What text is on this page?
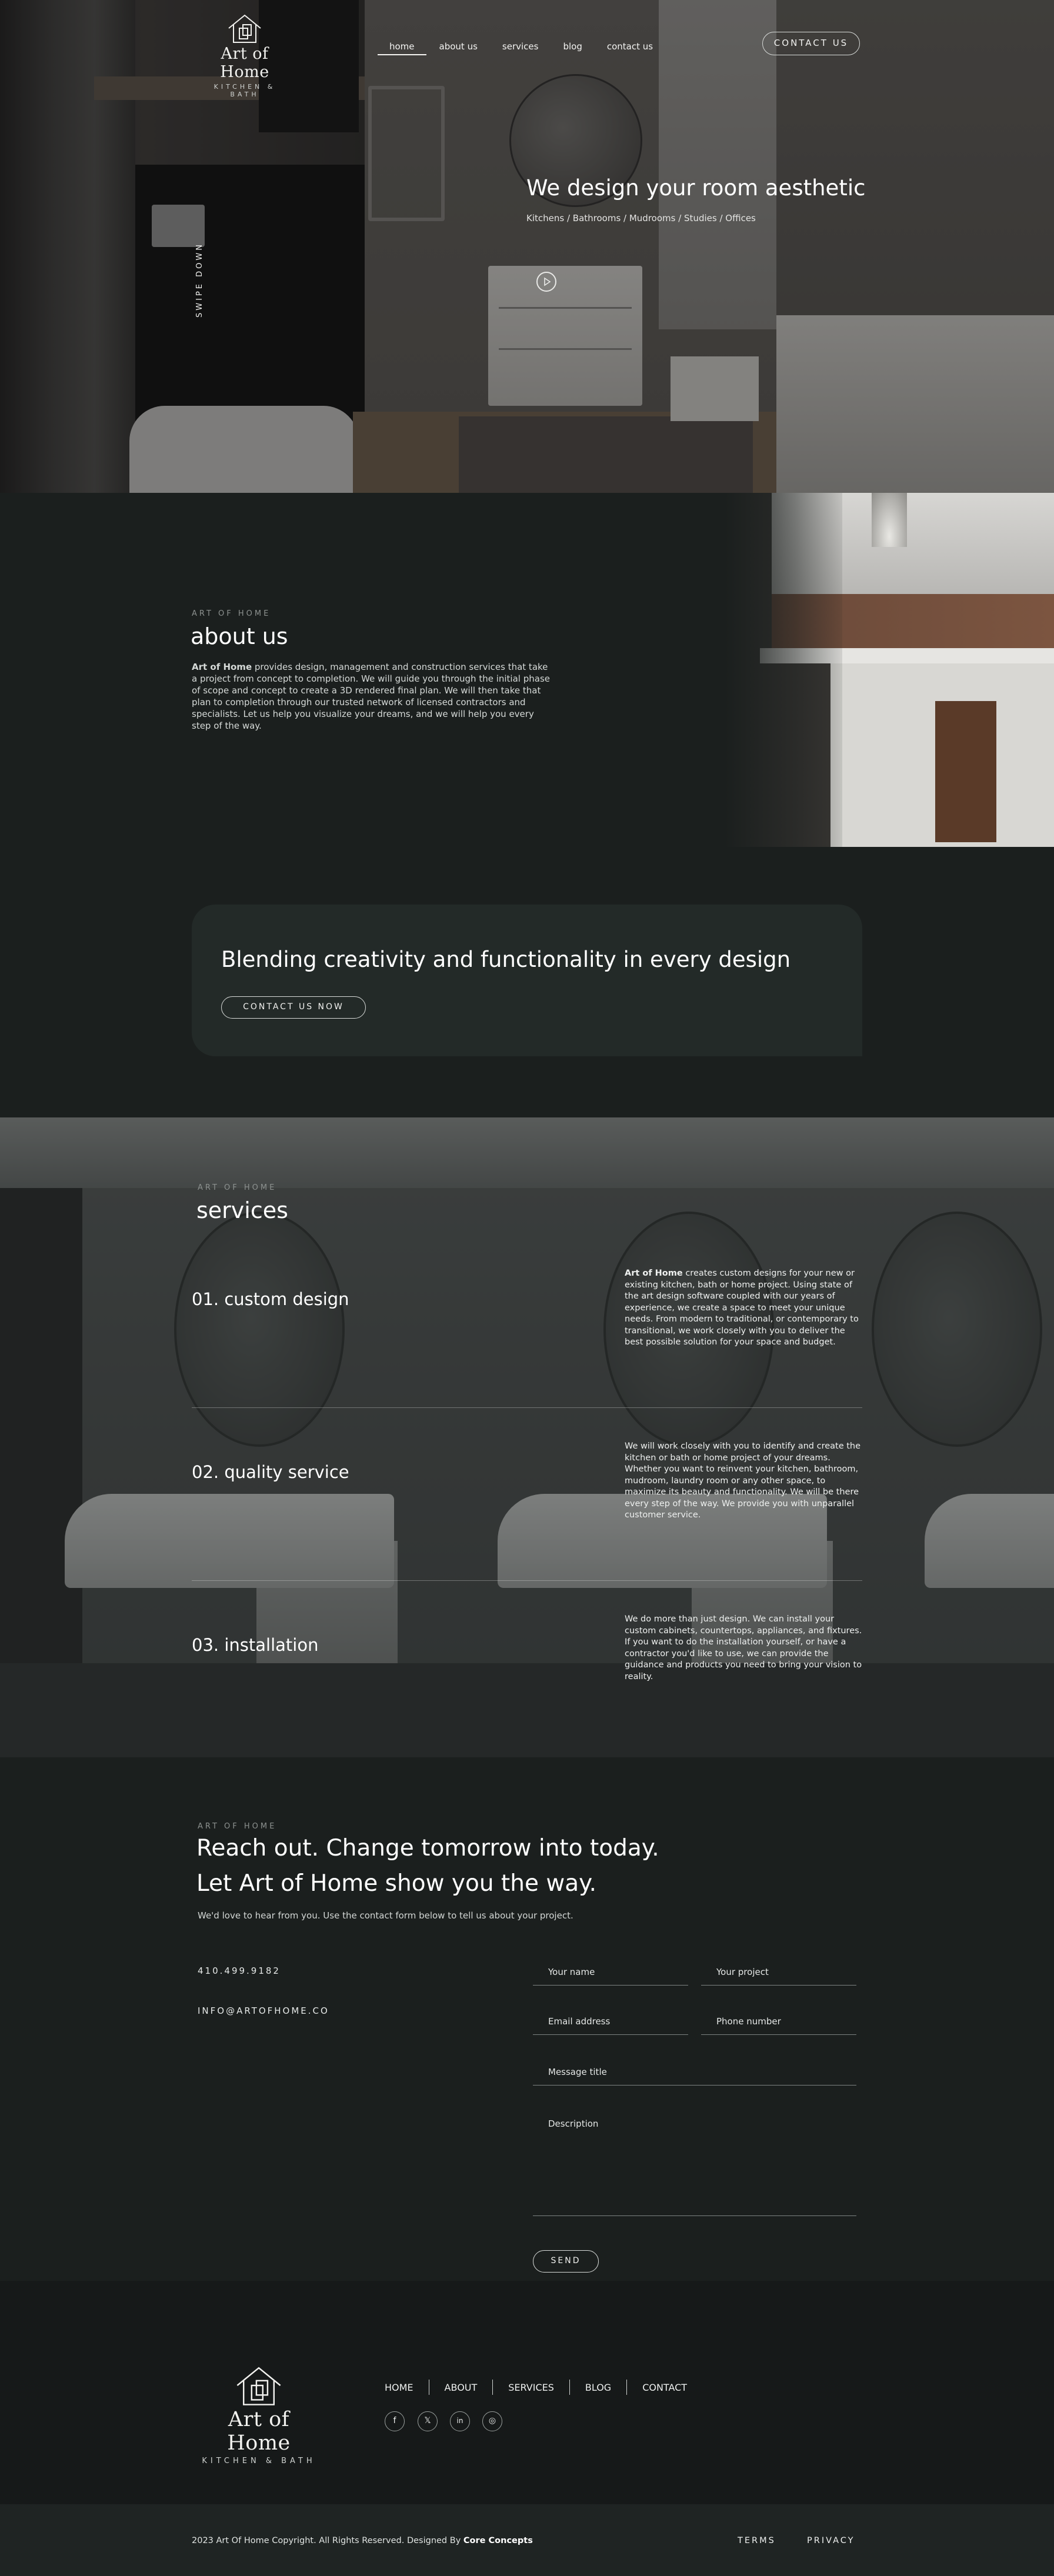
Art of Home
KITCHEN & BATH
home	about us	services	blog	contact us	CONTACT US
We design your room aesthetic
Kitchens / Bathrooms / Mudrooms / Studies / Offices
SWIPE DOWN
ART OF HOME
about us

Art of Home provides design, management and construction services that take a project from concept to completion. We will guide you through the initial phase of scope and concept to create a 3D rendered final plan. We will then take that plan to completion through our trusted network of licensed contractors and specialists. Let us help you visualize your dreams, and we will help you every step of the way.

Blending creativity and functionality in every design
CONTACT US NOW
ART OF HOME
services
01. custom design
Art of Home creates custom designs for your new or existing kitchen, bath or home project. Using state of the art design software coupled with our years of experience, we create a space to meet your unique needs. From modern to traditional, or contemporary to transitional, we work closely with you to deliver the best possible solution for your space and budget.
02. quality service
We will work closely with you to identify and create the kitchen or bath or home project of your dreams. Whether you want to reinvent your kitchen, bathroom, mudroom, laundry room or any other space, to maximize its beauty and functionality. We will be there every step of the way. We provide you with unparallel customer service.
03. installation
We do more than just design. We can install your custom cabinets, countertops, appliances, and fixtures. If you want to do the installation yourself, or have a contractor you'd like to use, we can provide the guidance and products you need to bring your vision to reality.
ART OF HOME
Reach out. Change tomorrow into today.
Let Art of Home show you the way.
We'd love to hear from you. Use the contact form below to tell us about your project.
410.499.9182
INFO@ARTOFHOME.CO
Your name	Your project
Email address	Phone number
Message title
Description
SEND
Art of Home
KITCHEN & BATH
HOME	ABOUT	SERVICES	BLOG	CONTACT
f	𝕏	in	◎
2023 Art Of Home Copyright. All Rights Reserved. Designed By Core Concepts	TERMS	PRIVACY
